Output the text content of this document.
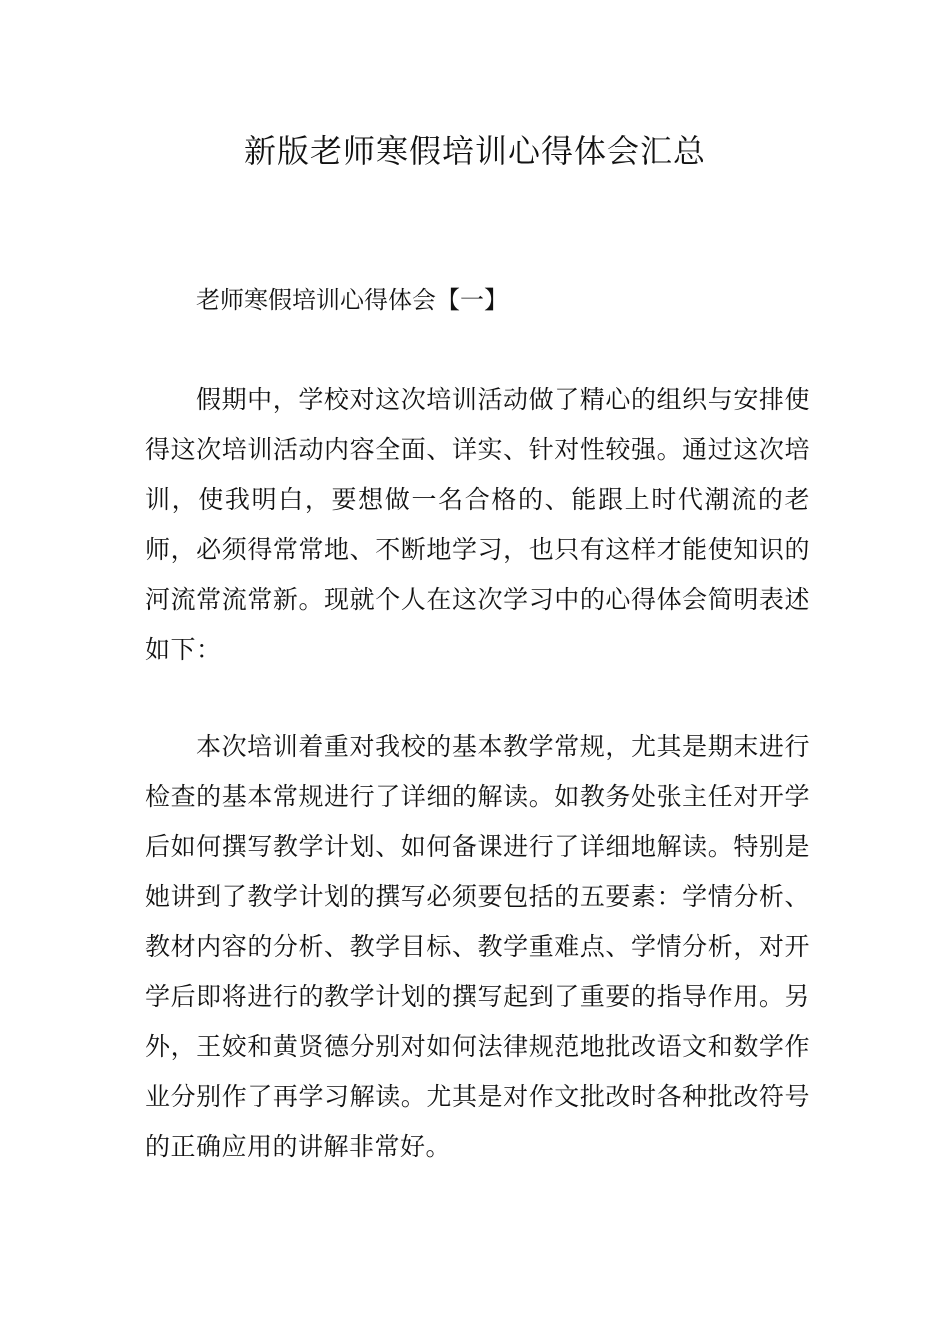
新版老师寒假培训心得体会汇总
老师寒假培训心得体会【一】

假期中，学校对这次培训活动做了精心的组织与安排使得这次培训活动内容全面、详实、针对性较强。通过这次培训，使我明白，要想做一名合格的、能跟上时代潮流的老师，必须得常常地、不断地学习，也只有这样才能使知识的河流常流常新。现就个人在这次学习中的心得体会简明表述如下：

本次培训着重对我校的基本教学常规，尤其是期末进行检查的基本常规进行了详细的解读。如教务处张主任对开学后如何撰写教学计划、如何备课进行了详细地解读。特别是她讲到了教学计划的撰写必须要包括的五要素：学情分析、教材内容的分析、教学目标、教学重难点、学情分析，对开学后即将进行的教学计划的撰写起到了重要的指导作用。另外，王姣和黄贤德分别对如何法律规范地批改语文和数学作业分别作了再学习解读。尤其是对作文批改时各种批改符号的正确应用的讲解非常好。
